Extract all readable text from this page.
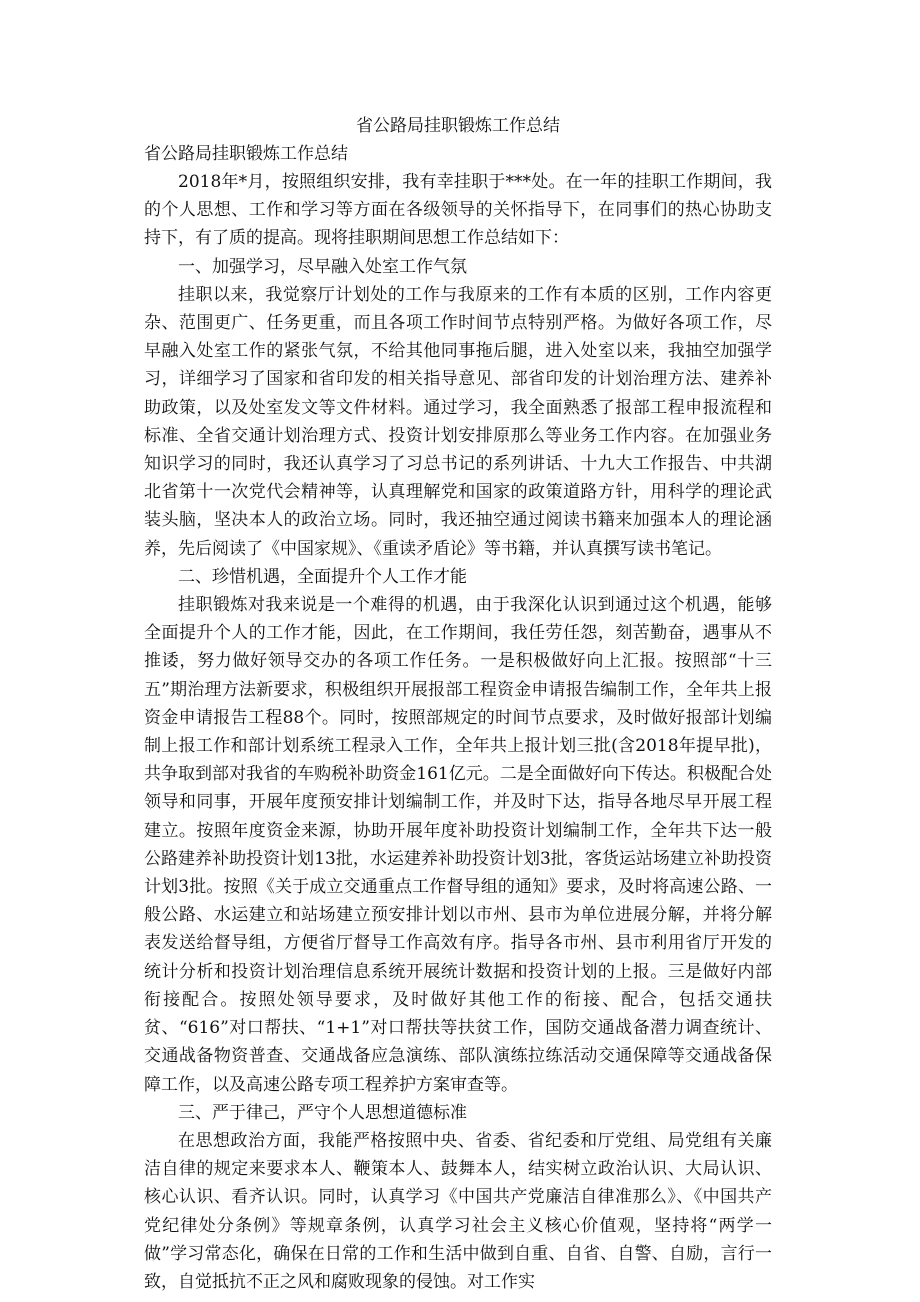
省公路局挂职锻炼工作总结

省公路局挂职锻炼工作总结

2018年*月，按照组织安排，我有幸挂职于***处。在一年的挂职工作期间，我的个人思想、工作和学习等方面在各级领导的关怀指导下，在同事们的热心协助支持下，有了质的提高。现将挂职期间思想工作总结如下：

一、加强学习，尽早融入处室工作气氛

挂职以来，我觉察厅计划处的工作与我原来的工作有本质的区别，工作内容更杂、范围更广、任务更重，而且各项工作时间节点特别严格。为做好各项工作，尽早融入处室工作的紧张气氛，不给其他同事拖后腿，进入处室以来，我抽空加强学习，详细学习了国家和省印发的相关指导意见、部省印发的计划治理方法、建养补助政策，以及处室发文等文件材料。通过学习，我全面熟悉了报部工程申报流程和标准、全省交通计划治理方式、投资计划安排原那么等业务工作内容。在加强业务知识学习的同时，我还认真学习了习总书记的系列讲话、十九大工作报告、中共湖北省第十一次党代会精神等，认真理解党和国家的政策道路方针，用科学的理论武装头脑，坚决本人的政治立场。同时，我还抽空通过阅读书籍来加强本人的理论涵养，先后阅读了《中国家规》、《重读矛盾论》等书籍，并认真撰写读书笔记。

二、珍惜机遇，全面提升个人工作才能

挂职锻炼对我来说是一个难得的机遇，由于我深化认识到通过这个机遇，能够全面提升个人的工作才能，因此，在工作期间，我任劳任怨，刻苦勤奋，遇事从不推诿，努力做好领导交办的各项工作任务。一是积极做好向上汇报。按照部“十三五”期治理方法新要求，积极组织开展报部工程资金申请报告编制工作，全年共上报资金申请报告工程88个。同时，按照部规定的时间节点要求，及时做好报部计划编制上报工作和部计划系统工程录入工作，全年共上报计划三批(含2018年提早批)，共争取到部对我省的车购税补助资金161亿元。二是全面做好向下传达。积极配合处领导和同事，开展年度预安排计划编制工作，并及时下达，指导各地尽早开展工程建立。按照年度资金来源，协助开展年度补助投资计划编制工作，全年共下达一般公路建养补助投资计划13批，水运建养补助投资计划3批，客货运站场建立补助投资计划3批。按照《关于成立交通重点工作督导组的通知》要求，及时将高速公路、一般公路、水运建立和站场建立预安排计划以市州、县市为单位进展分解，并将分解表发送给督导组，方便省厅督导工作高效有序。指导各市州、县市利用省厅开发的统计分析和投资计划治理信息系统开展统计数据和投资计划的上报。三是做好内部衔接配合。按照处领导要求，及时做好其他工作的衔接、配合，包括交通扶贫、“616”对口帮扶、“1+1”对口帮扶等扶贫工作，国防交通战备潜力调查统计、交通战备物资普查、交通战备应急演练、部队演练拉练活动交通保障等交通战备保障工作，以及高速公路专项工程养护方案审查等。

三、严于律己，严守个人思想道德标准

在思想政治方面，我能严格按照中央、省委、省纪委和厅党组、局党组有关廉洁自律的规定来要求本人、鞭策本人、鼓舞本人，结实树立政治认识、大局认识、核心认识、看齐认识。同时，认真学习《中国共产党廉洁自律准那么》、《中国共产党纪律处分条例》等规章条例，认真学习社会主义核心价值观，坚持将“两学一做”学习常态化，确保在日常的工作和生活中做到自重、自省、自警、自励，言行一致，自觉抵抗不正之风和腐败现象的侵蚀。对工作实
